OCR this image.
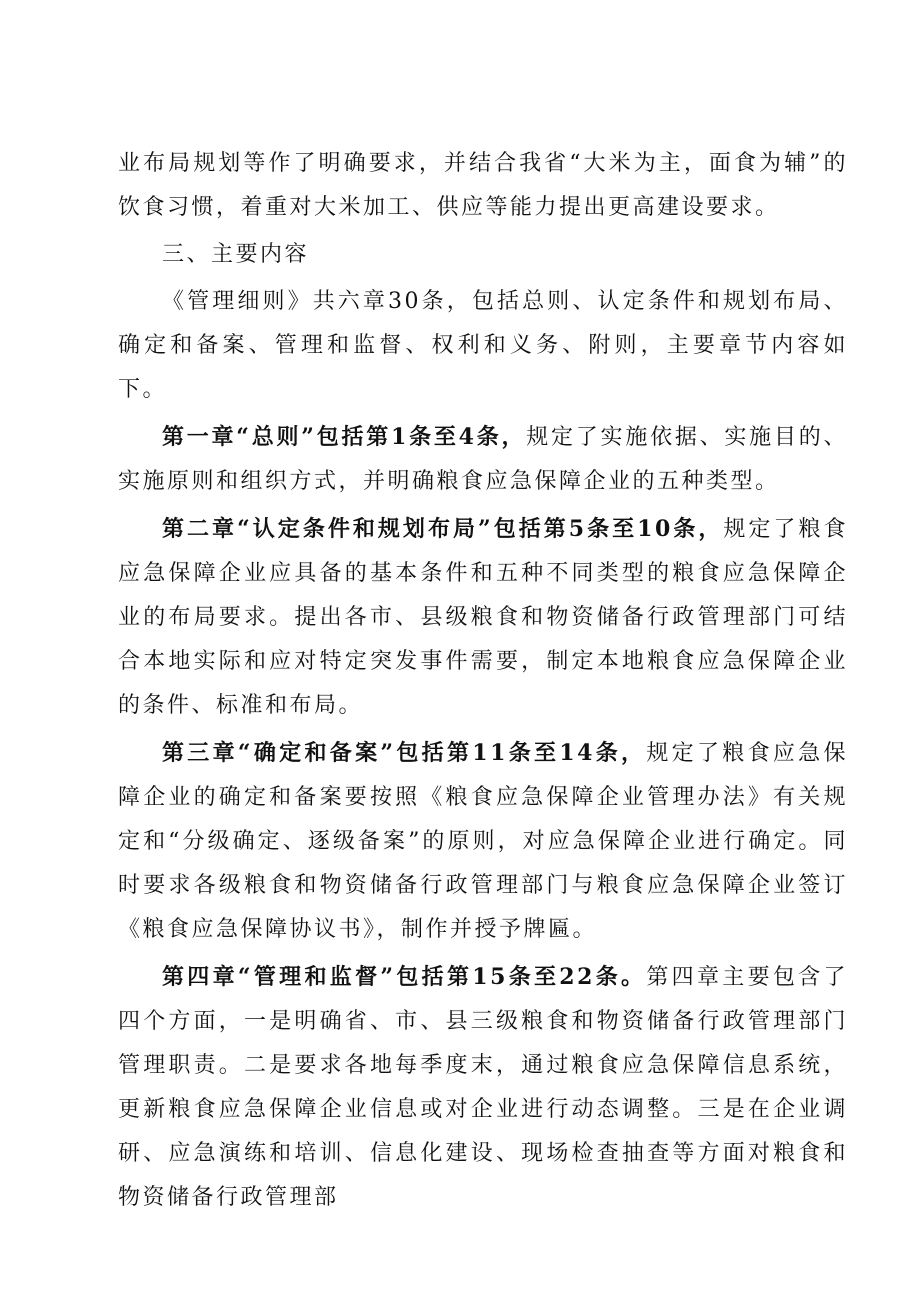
业布局规划等作了明确要求，并结合我省“大米为主，面食为辅”的饮食习惯，着重对大米加工、供应等能力提出更高建设要求。

三、主要内容

《管理细则》共六章30条，包括总则、认定条件和规划布局、确定和备案、管理和监督、权利和义务、附则，主要章节内容如下。

第一章“总则”包括第1条至4条，规定了实施依据、实施目的、实施原则和组织方式，并明确粮食应急保障企业的五种类型。

第二章“认定条件和规划布局”包括第5条至10条，规定了粮食应急保障企业应具备的基本条件和五种不同类型的粮食应急保障企业的布局要求。提出各市、县级粮食和物资储备行政管理部门可结合本地实际和应对特定突发事件需要，制定本地粮食应急保障企业的条件、标准和布局。

第三章“确定和备案”包括第11条至14条，规定了粮食应急保障企业的确定和备案要按照《粮食应急保障企业管理办法》有关规定和“分级确定、逐级备案”的原则，对应急保障企业进行确定。同时要求各级粮食和物资储备行政管理部门与粮食应急保障企业签订《粮食应急保障协议书》，制作并授予牌匾。

第四章“管理和监督”包括第15条至22条。第四章主要包含了四个方面，一是明确省、市、县三级粮食和物资储备行政管理部门管理职责。二是要求各地每季度末，通过粮食应急保障信息系统，更新粮食应急保障企业信息或对企业进行动态调整。三是在企业调研、应急演练和培训、信息化建设、现场检查抽查等方面对粮食和物资储备行政管理部
